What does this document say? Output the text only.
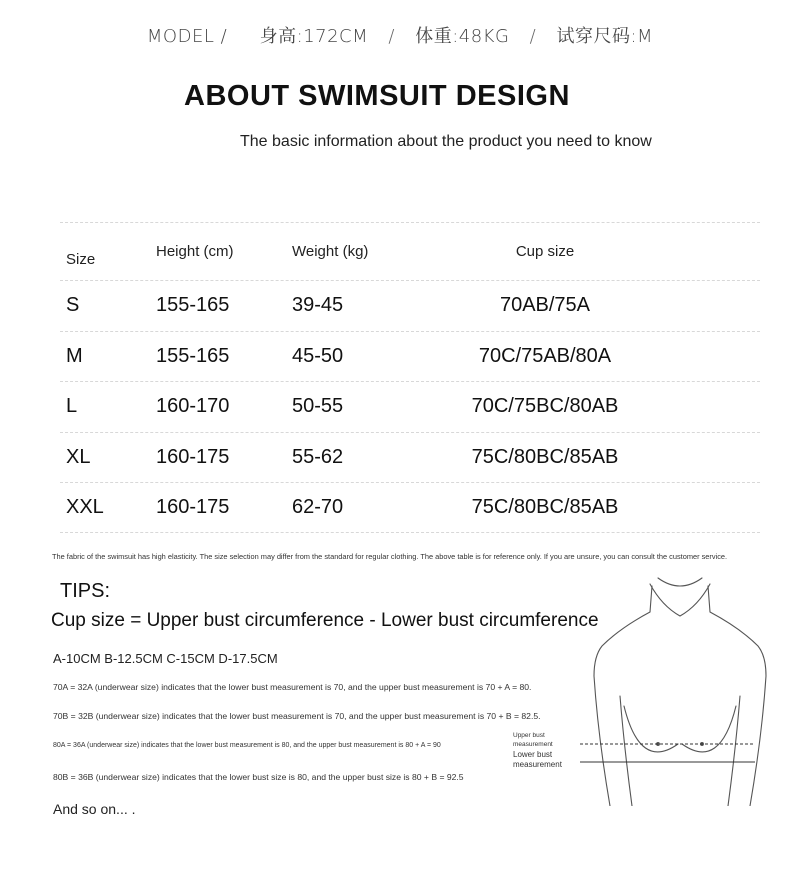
MODEL / 身高:172CM / 体重:48KG / 试穿尺码:M
ABOUT SWIMSUIT DESIGN
The basic information about the product you need to know
Size	Height (cm)	Weight (kg)	Cup size
S	155-165	39-45	70AB/75A
M	155-165	45-50	70C/75AB/80A
L	160-170	50-55	70C/75BC/80AB
XL	160-175	55-62	75C/80BC/85AB
XXL	160-175	62-70	75C/80BC/85AB
The fabric of the swimsuit has high elasticity. The size selection may differ from the standard for regular clothing. The above table is for reference only. If you are unsure, you can consult the customer service.
TIPS:
Cup size = Upper bust circumference - Lower bust circumference
A-10CM B-12.5CM C-15CM D-17.5CM
70A = 32A (underwear size) indicates that the lower bust measurement is 70, and the upper bust measurement is 70 + A = 80.
70B = 32B (underwear size) indicates that the lower bust measurement is 70, and the upper bust measurement is 70 + B = 82.5.
80A = 36A (underwear size) indicates that the lower bust measurement is 80, and the upper bust measurement is 80 + A = 90
80B = 36B (underwear size) indicates that the lower bust size is 80, and the upper bust size is 80 + B = 92.5
And so on... .
Upper bust measurement
Lower bust measurement
